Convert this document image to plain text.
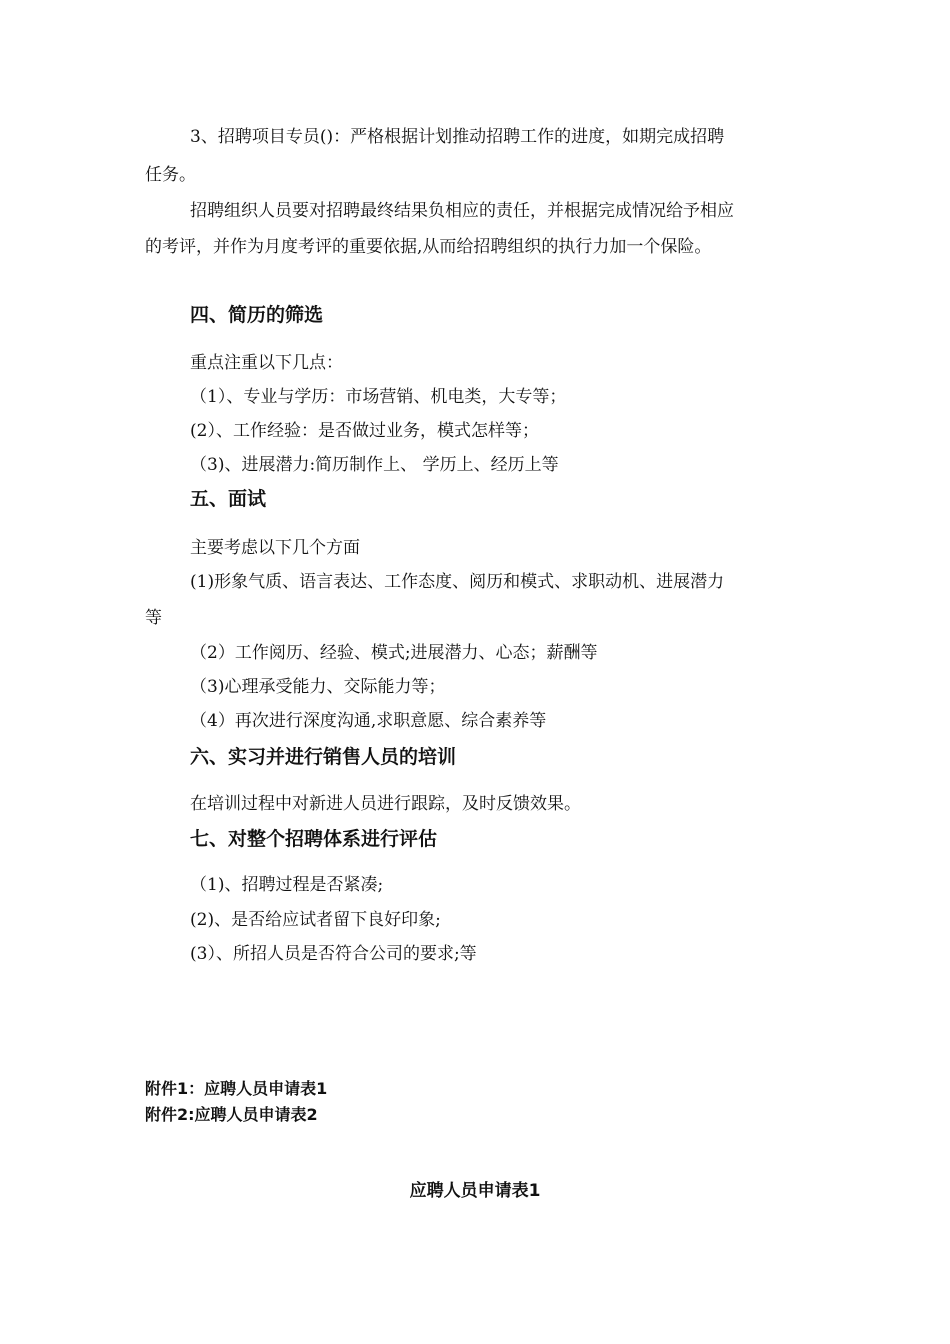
3、招聘项目专员()：严格根据计划推动招聘工作的进度，如期完成招聘
任务。
招聘组织人员要对招聘最终结果负相应的责任，并根据完成情况给予相应
的考评，并作为月度考评的重要依据,从而给招聘组织的执行力加一个保险。
四、简历的筛选
重点注重以下几点：
（1）、专业与学历：市场营销、机电类，大专等；
(2）、工作经验：是否做过业务，模式怎样等；
（3)、进展潜力:简历制作上、 学历上、经历上等
五、面试
主要考虑以下几个方面
(1)形象气质、语言表达、工作态度、阅历和模式、求职动机、进展潜力
等
（2）工作阅历、经验、模式;进展潜力、心态；薪酬等
（3)心理承受能力、交际能力等；
（4）再次进行深度沟通,求职意愿、综合素养等
六、实习并进行销售人员的培训
在培训过程中对新进人员进行跟踪，及时反馈效果。
七、对整个招聘体系进行评估
（1)、招聘过程是否紧凑;
(2)、是否给应试者留下良好印象;
(3）、所招人员是否符合公司的要求;等
附件1：应聘人员申请表1
附件2:应聘人员申请表2
应聘人员申请表1
